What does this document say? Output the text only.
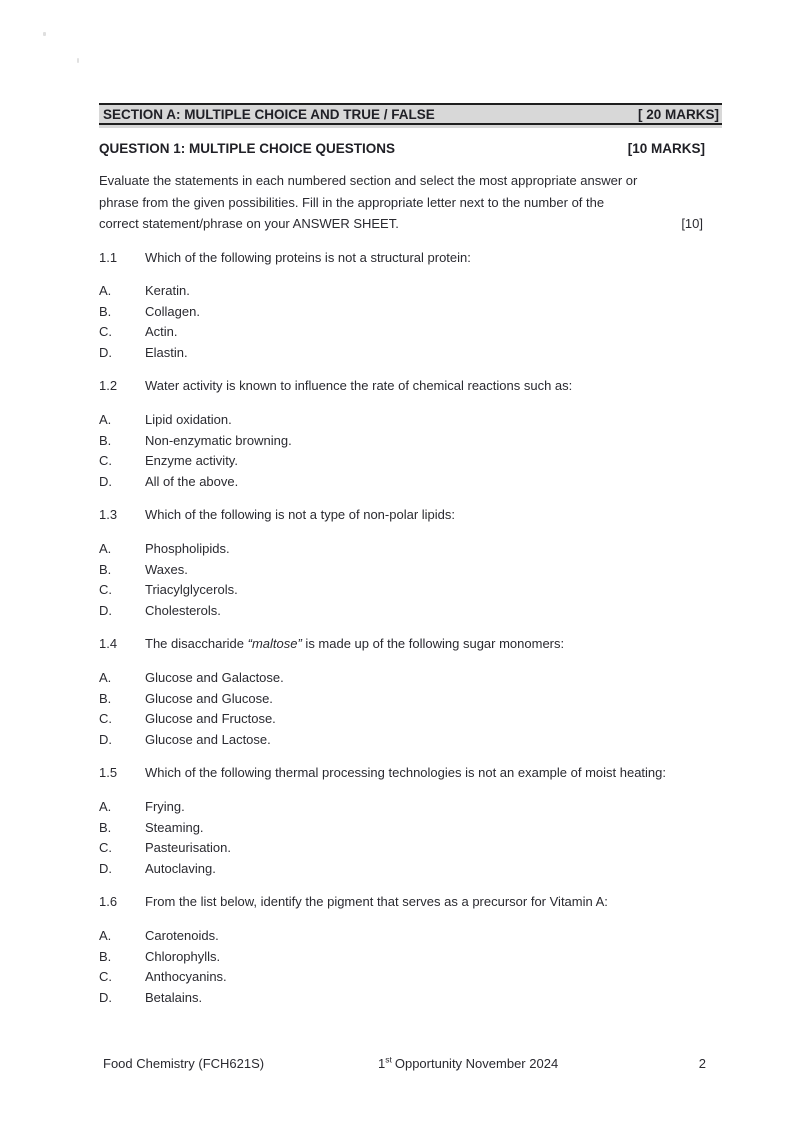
SECTION A: MULTIPLE CHOICE AND TRUE / FALSE	[ 20 MARKS]
QUESTION 1: MULTIPLE CHOICE QUESTIONS	[10 MARKS]
Evaluate the statements in each numbered section and select the most appropriate answer or
phrase from the given possibilities. Fill in the appropriate letter next to the number of the
correct statement/phrase on your ANSWER SHEET.	[10]
1.1	Which of the following proteins is not a structural protein:
A.	Keratin.
B.	Collagen.
C.	Actin.
D.	Elastin.
1.2	Water activity is known to influence the rate of chemical reactions such as:
A.	Lipid oxidation.
B.	Non-enzymatic browning.
C.	Enzyme activity.
D.	All of the above.
1.3	Which of the following is not a type of non-polar lipids:
A.	Phospholipids.
B.	Waxes.
C.	Triacylglycerols.
D.	Cholesterols.
1.4	The disaccharide “maltose” is made up of the following sugar monomers:
A.	Glucose and Galactose.
B.	Glucose and Glucose.
C.	Glucose and Fructose.
D.	Glucose and Lactose.
1.5	Which of the following thermal processing technologies is not an example of moist heating:
A.	Frying.
B.	Steaming.
C.	Pasteurisation.
D.	Autoclaving.
1.6	From the list below, identify the pigment that serves as a precursor for Vitamin A:
A.	Carotenoids.
B.	Chlorophylls.
C.	Anthocyanins.
D.	Betalains.
Food Chemistry (FCH621S)	1st Opportunity November 2024	2
